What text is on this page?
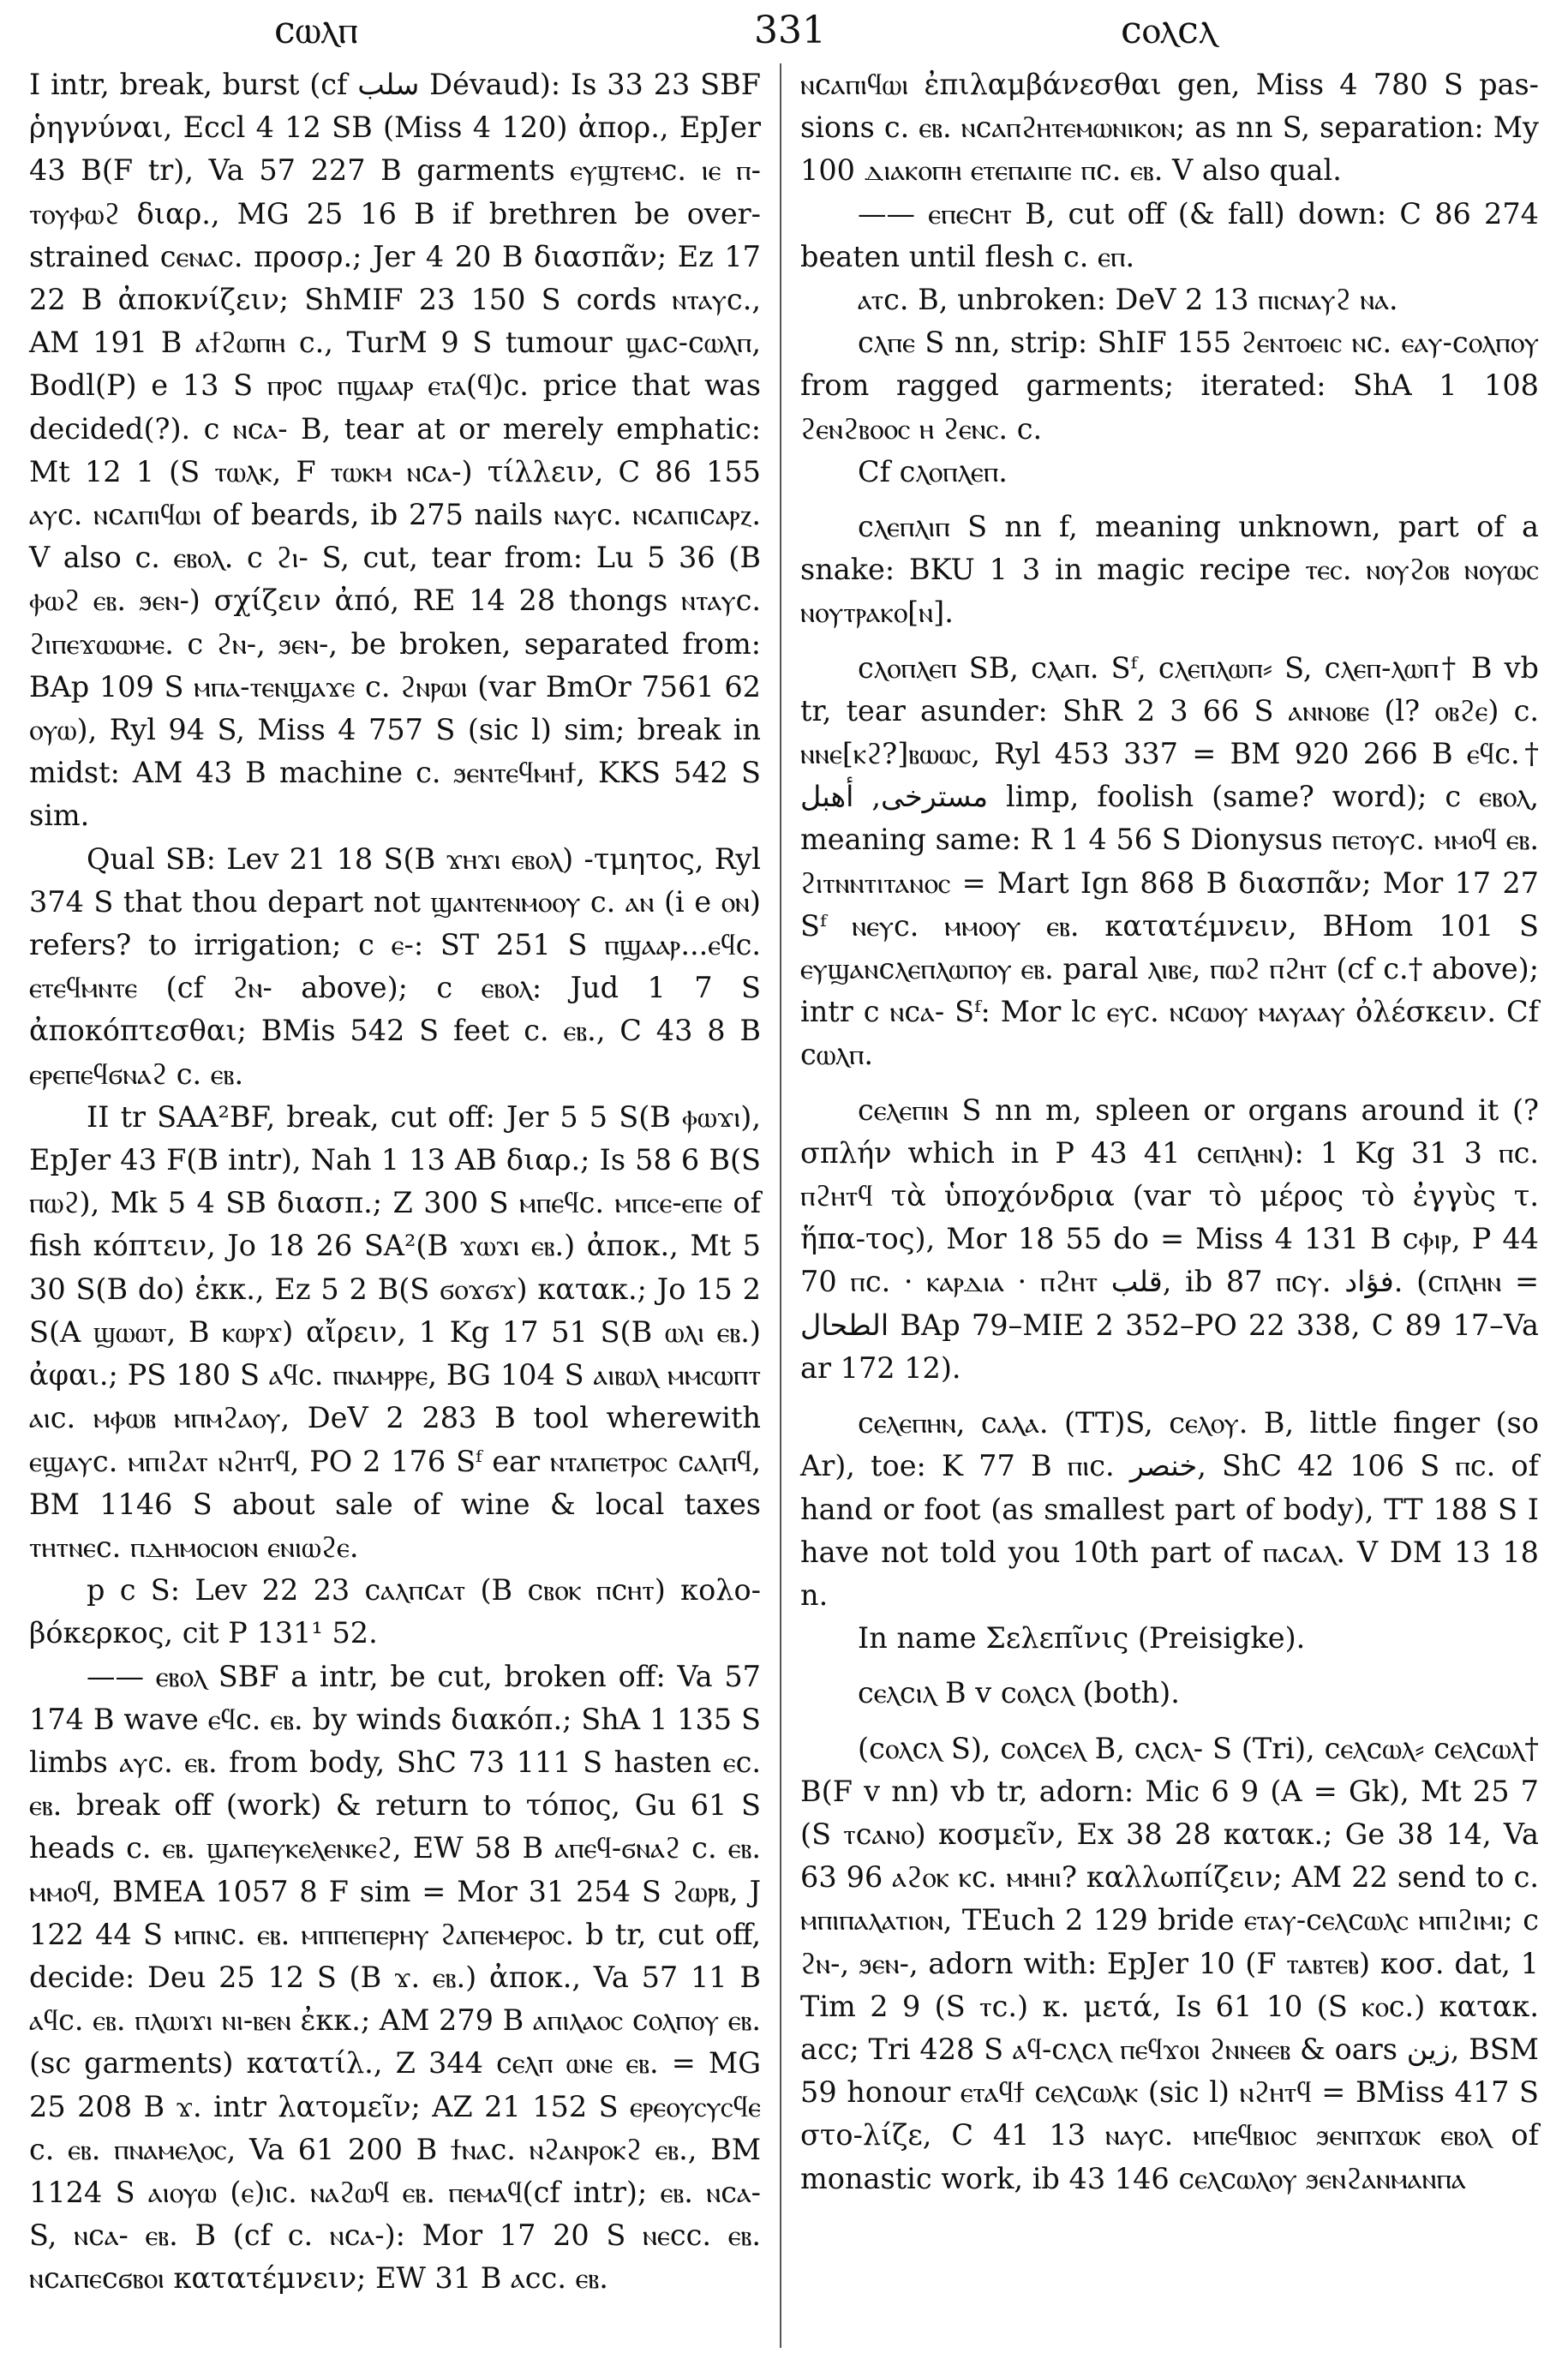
ϲⲱⲗⲡ	331	ϲⲟⲗϲⲗ

I intr, break, burst (cf ﺳﻠﺐ Dévaud): Is 33 23 SBF ῥηγνύναι, Eccl 4 12 SB (Miss 4 120) ἀπορ., EpJer 43 B(F tr), Va 57 227 B garments ⲉⲩϣⲧⲉⲙϲ. ⲓⲉ ⲡ-ⲧⲟⲩⲫⲱϩ διαρ., MG 25 16 B if brethren be over-strained ϲⲉⲛⲁϲ. προσρ.; Jer 4 20 B διασπᾶν; Ez 17 22 B ἀποκνίζειν; ShMIF 23 150 S cords ⲛⲧⲁⲩϲ., AM 191 B ⲁϯϩⲱⲡⲏ ϲ., TurM 9 S tumour ϣⲁϲ-ϲⲱⲗⲡ, Bodl(P) e 13 S ⲡⲣⲟϲ ⲡϣⲁⲁⲣ ⲉⲧⲁ(ϥ)ϲ. price that was decided(?). c ⲛϲⲁ- B, tear at or merely emphatic: Mt 12 1 (S ⲧⲱⲗⲕ, F ⲧⲱⲕⲙ ⲛϲⲁ-) τίλλειν, C 86 155 ⲁⲩϲ. ⲛϲⲁⲡⲓϥⲱⲓ of beards, ib 275 nails ⲛⲁⲩϲ. ⲛϲⲁⲡⲓϲⲁⲣⲍ. V also c. ⲉⲃⲟⲗ. c ϩⲓ- S, cut, tear from: Lu 5 36 (B ⲫⲱϩ ⲉⲃ. ϧⲉⲛ-) σχίζειν ἀπό, RE 14 28 thongs ⲛⲧⲁⲩϲ. ϩⲓⲡⲉϫⲱⲱⲙⲉ. c ϩⲛ-, ϧⲉⲛ-, be broken, separated from: BAp 109 S ⲙⲡⲁ-ⲧⲉⲛϣⲁϫⲉ ϲ. ϩⲛⲣⲱⲓ (var BmOr 7561 62 ⲟⲩⲱ), Ryl 94 S, Miss 4 757 S (sic l) sim; break in midst: AM 43 B machine ϲ. ϧⲉⲛⲧⲉϥⲙⲏϯ, KKS 542 S sim.

Qual SB: Lev 21 18 S(B ϫⲏϫⲓ ⲉⲃⲟⲗ) -τμητος, Ryl 374 S that thou depart not ϣⲁⲛⲧⲉⲛⲙⲟⲟⲩ ϲ. ⲁⲛ (i e ⲟⲛ) refers? to irrigation; c ⲉ-: ST 251 S ⲡϣⲁⲁⲣ...ⲉϥϲ. ⲉⲧⲉϥⲙⲛⲧⲉ (cf ϩⲛ- above); c ⲉⲃⲟⲗ: Jud 1 7 S ἀποκόπτεσθαι; BMis 542 S feet ϲ. ⲉⲃ., C 43 8 B ⲉⲣⲉⲡⲉϥϭⲛⲁϩ ϲ. ⲉⲃ.

II tr SAA²BF, break, cut off: Jer 5 5 S(B ⲫⲱϫⲓ), EpJer 43 F(B intr), Nah 1 13 AB διαρ.; Is 58 6 B(S ⲡⲱϩ), Mk 5 4 SB διασπ.; Z 300 S ⲙⲡⲉϥϲ. ⲙⲡⲥⲉ-ⲉⲡⲉ of fish κόπτειν, Jo 18 26 SA²(B ϫⲱϫⲓ ⲉⲃ.) ἀποκ., Mt 5 30 S(B do) ἐκκ., Ez 5 2 B(S ϭⲟϫϭϫ) κατακ.; Jo 15 2 S(A ϣⲱⲱⲧ, B ⲕⲱⲣϫ) αἴρειν, 1 Kg 17 51 S(B ⲱⲗⲓ ⲉⲃ.) ἀφαι.; PS 180 S ⲁϥϲ. ⲡⲛⲁⲙⲣⲣⲉ, BG 104 S ⲁⲓⲃⲱⲗ ⲙⲙⲥⲱⲡⲧ ⲁⲓϲ. ⲙⲫⲱⲃ ⲙⲡⲙϩⲁⲟⲩ, DeV 2 283 B tool wherewith ⲉϣⲁⲩϲ. ⲙⲡⲓϩⲁⲧ ⲛϩⲏⲧϥ, PO 2 176 Sᶠ ear ⲛⲧⲁⲡⲉⲧⲣⲟⲥ ϲⲁⲗⲡϥ, BM 1146 S about sale of wine & local taxes ⲧⲏⲧⲛⲉϲ. ⲡⲇⲏⲙⲟⲥⲓⲟⲛ ⲉⲛⲓⲱϩⲉ.

p c S: Lev 22 23 ϲⲁⲗⲡϲⲁⲧ (B ϲⲃⲟⲕ ⲡϲⲏⲧ) κολο-βόκερκος, cit P 131¹ 52.

—— ⲉⲃⲟⲗ SBF a intr, be cut, broken off: Va 57 174 B wave ⲉϥϲ. ⲉⲃ. by winds διακόπ.; ShA 1 135 S limbs ⲁⲩϲ. ⲉⲃ. from body, ShC 73 111 S hasten ⲉϲ. ⲉⲃ. break off (work) & return to τόπος, Gu 61 S heads ϲ. ⲉⲃ. ϣⲁⲡⲉⲩⲕⲉⲗⲉⲛⲕⲉϩ, EW 58 B ⲁⲡⲉϥ-ϭⲛⲁϩ ϲ. ⲉⲃ. ⲙⲙⲟϥ, BMEA 1057 8 F sim = Mor 31 254 S ϩⲱⲣⲃ, J 122 44 S ⲙⲡⲛϲ. ⲉⲃ. ⲙⲡⲡⲉⲡⲉⲣⲏⲩ ϩⲁⲡⲉⲙⲉⲣⲟⲥ. b tr, cut off, decide: Deu 25 12 S (B ϫ. ⲉⲃ.) ἀποκ., Va 57 11 B ⲁϥϲ. ⲉⲃ. ⲡⲗⲱⲓϫⲓ ⲛⲓ-ⲃⲉⲛ ἐκκ.; AM 279 B ⲁⲡⲓⲗⲁⲟⲥ ϲⲟⲗⲡⲟⲩ ⲉⲃ. (sc garments) κατατίλ., Z 344 ϲⲉⲗⲡ ⲱⲛⲉ ⲉⲃ. = MG 25 208 B ϫ. intr λατομεῖν; AZ 21 152 S ⲉⲣⲉⲟⲩⲥⲩⲥϥⲉ ϲ. ⲉⲃ. ⲡⲛⲁⲙⲉⲗⲟⲥ, Va 61 200 B ϯⲛⲁϲ. ⲛϩⲁⲛⲣⲟⲕϩ ⲉⲃ., BM 1124 S ⲁⲓⲟⲩⲱ (ⲉ)ⲓϲ. ⲛⲁϩⲱϥ ⲉⲃ. ⲡⲉⲙⲁϥ(cf intr); ⲉⲃ. ⲛϲⲁ- S, ⲛϲⲁ- ⲉⲃ. B (cf c. ⲛϲⲁ-): Mor 17 20 S ⲛⲉϲϲ. ⲉⲃ. ⲛϲⲁⲡⲉϲϭⲃⲟⲓ κατατέμνειν; EW 31 B ⲁϲϲ. ⲉⲃ.

ⲛϲⲁⲡⲓϥⲱⲓ ἐπιλαμβάνεσθαι gen, Miss 4 780 S pas-sions ϲ. ⲉⲃ. ⲛϲⲁⲡϩⲏⲧⲉⲙⲱⲛⲓⲕⲟⲛ; as nn S, separation: My 100 ⲇⲓⲁⲕⲟⲡⲏ ⲉⲧⲉⲡⲁⲓⲡⲉ ⲡϲ. ⲉⲃ. V also qual.

—— ⲉⲡⲉϲⲏⲧ B, cut off (& fall) down: C 86 274 beaten until flesh ϲ. ⲉⲡ.

ⲁⲧϲ. B, unbroken: DeV 2 13 ⲡⲓⲥⲛⲁⲩϩ ⲛⲁ.

ϲⲗⲡⲉ S nn, strip: ShIF 155 ϩⲉⲛⲧⲟⲉⲓⲥ ⲛϲ. ⲉⲁⲩ-ϲⲟⲗⲡⲟⲩ from ragged garments; iterated: ShA 1 108 ϩⲉⲛϩⲃⲟⲟⲥ ⲏ ϩⲉⲛⲥ. ϲ.

Cf ϲⲗⲟⲡⲗⲉⲡ.

ϲⲗⲉⲡⲗⲓⲡ S nn f, meaning unknown, part of a snake: BKU 1 3 in magic recipe ⲧⲉⲥ. ⲛⲟⲩϩⲟⲃ ⲛⲟⲩⲱⲥ ⲛⲟⲩⲧⲣⲁⲕⲟ[ⲛ].

ϲⲗⲟⲡⲗⲉⲡ SB, ϲⲗⲁⲡ. Sᶠ, ϲⲗⲉⲡⲗⲱⲡ⸗ S, ϲⲗⲉⲡ-ⲗⲱⲡ† B vb tr, tear asunder: ShR 2 3 66 S ⲁⲛⲛⲟⲃⲉ (l? ⲟⲃϩⲉ) ϲ. ⲛⲛⲉ[ⲕϩ?]ⲃⲱⲱⲥ, Ryl 453 337 = BM 920 266 B ⲉϥϲ.† ﻣﺴﺘﺮﺧﻰ, ﺃﻫﺒﻞ limp, foolish (same? word); c ⲉⲃⲟⲗ, meaning same: R 1 4 56 S Dionysus ⲡⲉⲧⲟⲩϲ. ⲙⲙⲟϥ ⲉⲃ. ϩⲓⲧⲛⲛⲧⲓⲧⲁⲛⲟⲥ = Mart Ign 868 B διασπᾶν; Mor 17 27 Sᶠ ⲛⲉⲩϲ. ⲙⲙⲟⲟⲩ ⲉⲃ. κατατέμνειν, BHom 101 S ⲉⲩϣⲁⲛϲⲗⲉⲡⲗⲱⲡⲟⲩ ⲉⲃ. paral ⲗⲓⲃⲉ, ⲡⲱϩ ⲡϩⲏⲧ (cf ϲ.† above); intr c ⲛϲⲁ- Sᶠ: Mor lc ⲉⲩϲ. ⲛϲⲱⲟⲩ ⲙⲁⲩⲁⲁⲩ ὀλέσκειν. Cf ϲⲱⲗⲡ.

ϲⲉⲗⲉⲡⲓⲛ S nn m, spleen or organs around it (? σπλήν which in P 43 41 ϲⲉⲡⲗⲏⲛ): 1 Kg 31 3 ⲡϲ. ⲡϩⲏⲧϥ τὰ ὑποχόνδρια (var τὸ μέρος τὸ ἐγγὺς τ. ἥπα-τος), Mor 18 55 do = Miss 4 131 B ϲⲫⲓⲣ, P 44 70 ⲡϲ. · ⲕⲁⲣⲇⲓⲁ · ⲡϩⲏⲧ ﻗﻠﺐ, ib 87 ⲡϲⲩ. ﻓﺆﺍﺩ. (ϲⲡⲗⲏⲛ = ﺍﻟﻄﺤﺎﻝ BAp 79–MIE 2 352–PO 22 338, C 89 17–Va ar 172 12).

ϲⲉⲗⲉⲡⲏⲛ, ϲⲁⲗⲁ. (TT)S, ϲⲉⲗⲟⲩ. B, little finger (so Ar), toe: K 77 B ⲡⲓϲ. ﺧﻨﺼﺮ, ShC 42 106 S ⲡϲ. of hand or foot (as smallest part of body), TT 188 S I have not told you 10th part of ⲡⲁϲⲁⲗ. V DM 13 18 n.

In name Σελεπῖνις (Preisigke).

ϲⲉⲗϲⲓⲗ B v ϲⲟⲗϲⲗ (both).

(ϲⲟⲗϲⲗ S), ϲⲟⲗϲⲉⲗ B, ϲⲗϲⲗ- S (Tri), ϲⲉⲗϲⲱⲗ⸗ ϲⲉⲗϲⲱⲗ† B(F v nn) vb tr, adorn: Mic 6 9 (A = Gk), Mt 25 7 (S ⲧϲⲁⲛⲟ) κοσμεῖν, Ex 38 28 κατακ.; Ge 38 14, Va 63 96 ⲁϩⲟⲕ ⲕϲ. ⲙⲙⲏⲓ? καλλωπίζειν; AM 22 send to ϲ. ⲙⲡⲓⲡⲁⲗⲁⲧⲓⲟⲛ, TEuch 2 129 bride ⲉⲧⲁⲩ-ϲⲉⲗϲⲱⲗⲥ ⲙⲡⲓϩⲓⲙⲓ; c ϩⲛ-, ϧⲉⲛ-, adorn with: EpJer 10 (F ⲧⲁⲃⲧⲉⲃ) κοσ. dat, 1 Tim 2 9 (S ⲧϲ.) κ. μετά, Is 61 10 (S ⲕⲟϲ.) κατακ. acc; Tri 428 S ⲁϥ-ϲⲗϲⲗ ⲡⲉϥϫⲟⲓ ϩⲛⲛⲉⲉⲃ & oars ﺯﻳﻦ, BSM 59 honour ⲉⲧⲁϥϯ ϲⲉⲗϲⲱⲗⲕ (sic l) ⲛϩⲏⲧϥ = BMiss 417 S στο-λίζε, C 41 13 ⲛⲁⲩϲ. ⲙⲡⲉϥⲃⲓⲟⲥ ϧⲉⲛⲡϫⲱⲕ ⲉⲃⲟⲗ of monastic work, ib 43 146 ϲⲉⲗϲⲱⲗⲟⲩ ϧⲉⲛϩⲁⲛⲙⲁⲛⲡⲁ
